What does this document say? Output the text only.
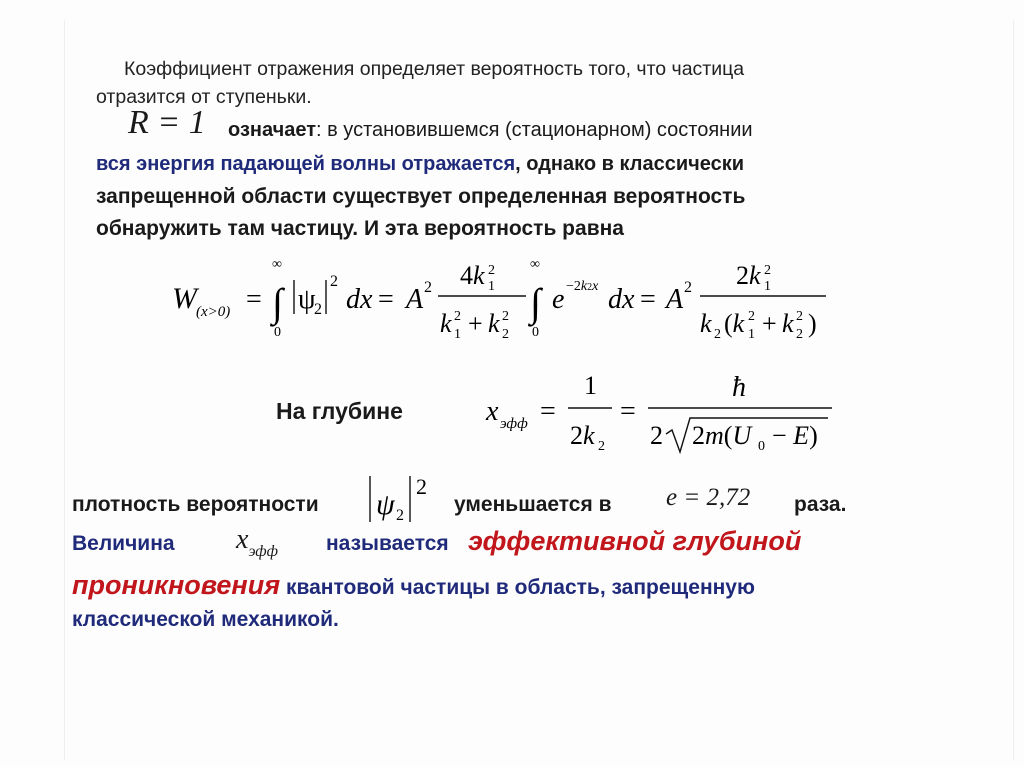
Коэффициент отражения определяет вероятность того, что частица
отразится от ступеньки.
R = 1 означает: в установившемся (стационарном) состоянии
вся энергия падающей волны отражается, однако в классически
запрещенной области существует определенная вероятность
обнаружить там частицу. И эта вероятность равна
W (x>0) =
∞
∫
0
ψ
2
2
dx = A 2 4k 1
2
k 1
2 + k 2
2
∞
∫
0
e −2k2x dx = A 2 2k 1
2
k 2 (k 1
2 + k 2
2 )
На глубине	x эфф =
1
2k 2
=
ħ
2 2m(U 0 − E)
плотность вероятности ψ 2
2
уменьшается в e = 2,72 раза.
Величина $x_{эфф}$ называется эффективной глубиной
проникновения квантовой частицы в область, запрещенную
классической механикой.
